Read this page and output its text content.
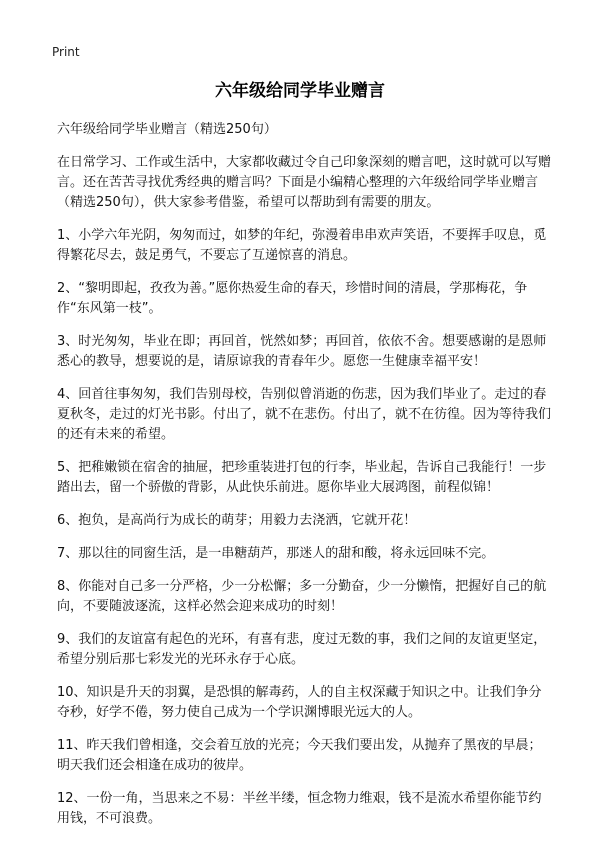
Print
六年级给同学毕业赠言
六年级给同学毕业赠言（精选250句）

在日常学习、工作或生活中，大家都收藏过令自己印象深刻的赠言吧，这时就可以写赠言。还在苦苦寻找优秀经典的赠言吗？下面是小编精心整理的六年级给同学毕业赠言（精选250句），供大家参考借鉴，希望可以帮助到有需要的朋友。

1、小学六年光阴，匆匆而过，如梦的年纪，弥漫着串串欢声笑语，不要挥手叹息，觅得繁花尽去，鼓足勇气，不要忘了互递惊喜的消息。

2、“黎明即起，孜孜为善。”愿你热爱生命的春天，珍惜时间的清晨，学那梅花，争作“东风第一枝”。

3、时光匆匆，毕业在即；再回首，恍然如梦；再回首，依依不舍。想要感谢的是恩师悉心的教导，想要说的是，请原谅我的青春年少。愿您一生健康幸福平安！

4、回首往事匆匆，我们告别母校，告别似曾消逝的伤悲，因为我们毕业了。走过的春夏秋冬，走过的灯光书影。付出了，就不在悲伤。付出了，就不在彷徨。因为等待我们的还有未来的希望。

5、把稚嫩锁在宿舍的抽屉，把珍重装进打包的行李，毕业起，告诉自己我能行！一步踏出去，留一个骄傲的背影，从此快乐前进。愿你毕业大展鸿图，前程似锦！

6、抱负，是高尚行为成长的萌芽；用毅力去浇洒，它就开花！

7、那以往的同窗生活，是一串糖葫芦，那迷人的甜和酸，将永远回味不完。

8、你能对自己多一分严格，少一分松懈；多一分勤奋，少一分懒惰，把握好自己的航向，不要随波逐流，这样必然会迎来成功的时刻！

9、我们的友谊富有起色的光环，有喜有悲，度过无数的事，我们之间的友谊更坚定，希望分别后那七彩发光的光环永存于心底。

10、知识是升天的羽翼，是恐惧的解毒药，人的自主权深藏于知识之中。让我们争分夺秒，好学不倦，努力使自己成为一个学识渊博眼光远大的人。

11、昨天我们曾相逢，交会着互放的光亮；今天我们要出发，从抛弃了黑夜的早晨；明天我们还会相逢在成功的彼岸。

12、一份一角，当思来之不易：半丝半缕，恒念物力维艰，钱不是流水希望你能节约用钱，不可浪费。
